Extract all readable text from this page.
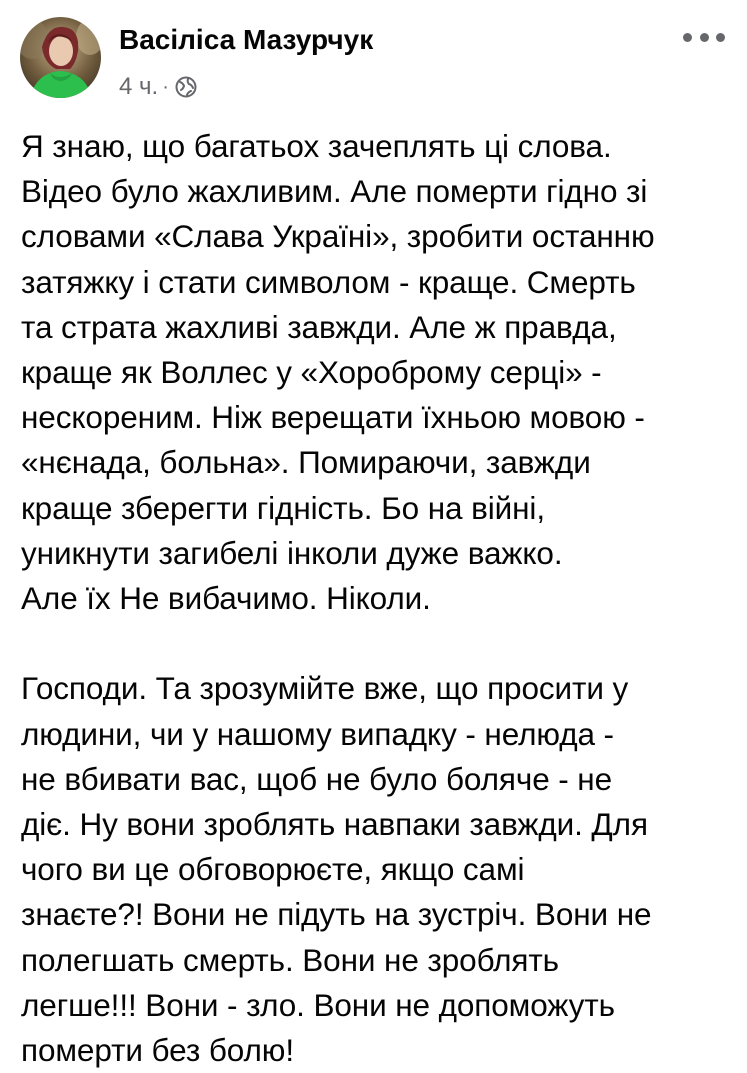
Васіліса Мазурчук
4 ч. ·
Я знаю, що багатьох зачеплять ці слова.
Відео було жахливим. Але померти гідно зі
словами «Слава Україні», зробити останню
затяжку і стати символом - краще. Смерть
та страта жахливі завжди. Але ж правда,
краще як Воллес у «Хороброму серці» -
нескореним. Ніж верещати їхньою мовою -
«нєнада, больна». Помираючи, завжди
краще зберегти гідність. Бо на війні,
уникнути загибелі інколи дуже важко.
Але їх Не вибачимо. Ніколи.
Господи. Та зрозумійте вже, що просити у
людини, чи у нашому випадку - нелюда -
не вбивати вас, щоб не було боляче - не
діє. Ну вони зроблять навпаки завжди. Для
чого ви це обговорюєте, якщо самі
знаєте?! Вони не підуть на зустріч. Вони не
полегшать смерть. Вони не зроблять
легше!!! Вони - зло. Вони не допоможуть
померти без болю!
